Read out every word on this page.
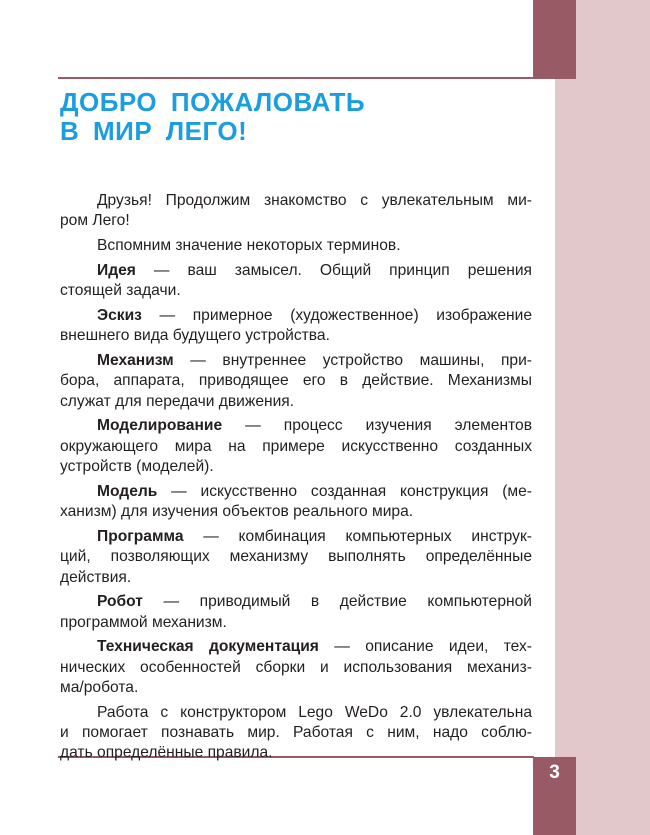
ДОБРО ПОЖАЛОВАТЬ
В МИР ЛЕГО!
Друзья! Продолжим знакомство с увлекательным ми-
ром Лего!
Вспомним значение некоторых терминов.
Идея — ваш замысел. Общий принцип решения
стоящей задачи.
Эскиз — примерное (художественное) изображение
внешнего вида будущего устройства.
Механизм — внутреннее устройство машины, при-
бора, аппарата, приводящее его в действие. Механизмы
служат для передачи движения.
Моделирование — процесс изучения элементов
окружающего мира на примере искусственно созданных
устройств (моделей).
Модель — искусственно созданная конструкция (ме-
ханизм) для изучения объектов реального мира.
Программа — комбинация компьютерных инструк-
ций, позволяющих механизму выполнять определённые
действия.
Робот — приводимый в действие компьютерной
программой механизм.
Техническая документация — описание идеи, тех-
нических особенностей сборки и использования механиз-
ма/робота.
Работа с конструктором Lego WeDo 2.0 увлекательна
и помогает познавать мир. Работая с ним, надо соблю-
дать определённые правила.
3
